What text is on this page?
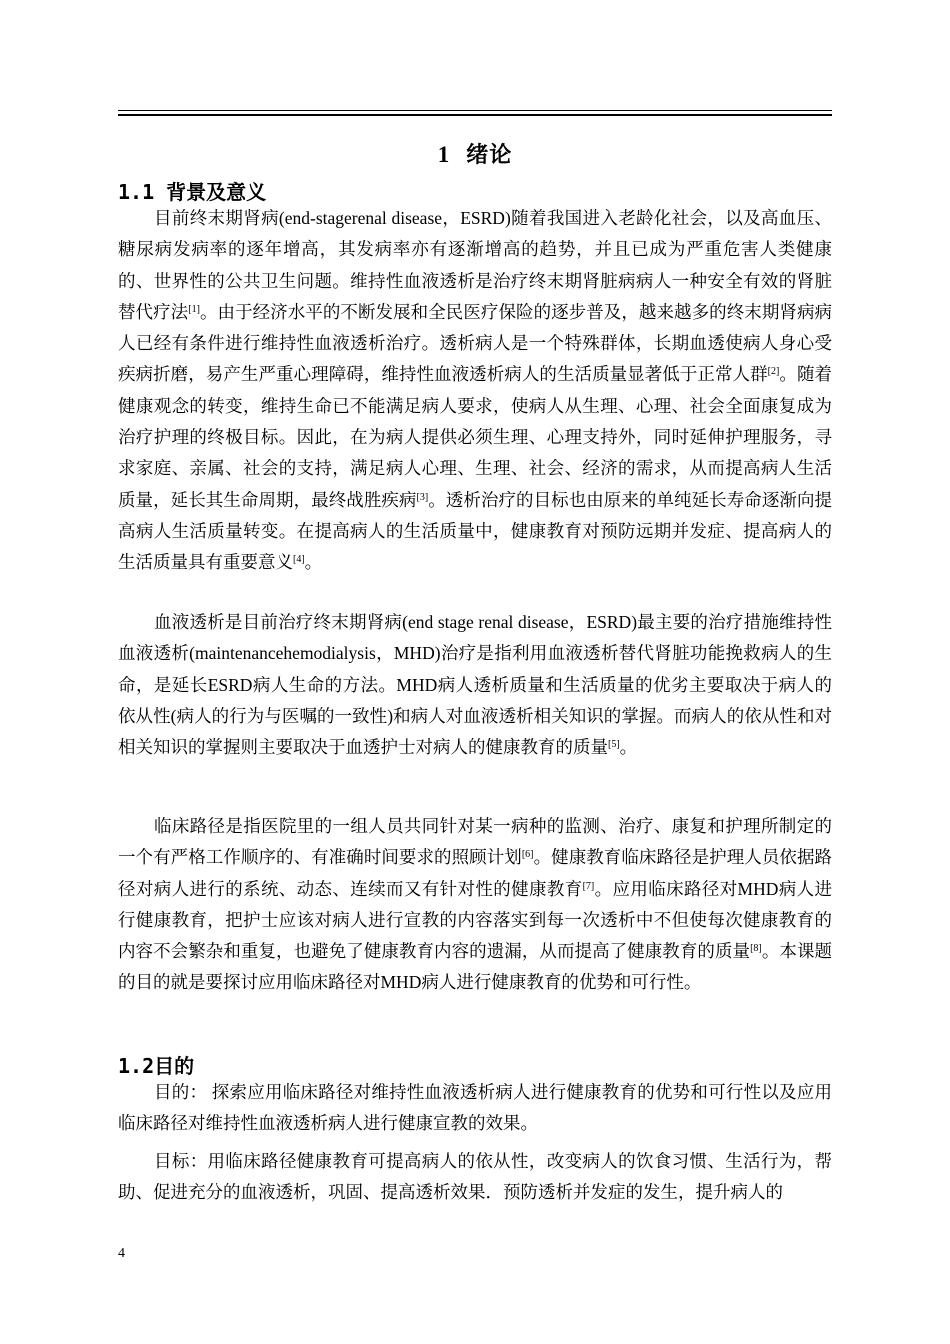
1 绪论
1.1 背景及意义

目前终末期肾病(end-stagerenal disease，ESRD)随着我国进入老龄化社会，以及高血压、糖尿病发病率的逐年增高，其发病率亦有逐渐增高的趋势，并且已成为严重危害人类健康的、世界性的公共卫生问题。维持性血液透析是治疗终末期肾脏病病人一种安全有效的肾脏替代疗法[1]。由于经济水平的不断发展和全民医疗保险的逐步普及，越来越多的终末期肾病病人已经有条件进行维持性血液透析治疗。透析病人是一个特殊群体，长期血透使病人身心受疾病折磨，易产生严重心理障碍，维持性血液透析病人的生活质量显著低于正常人群[2]。随着健康观念的转变，维持生命已不能满足病人要求，使病人从生理、心理、社会全面康复成为治疗护理的终极目标。因此，在为病人提供必须生理、心理支持外，同时延伸护理服务，寻求家庭、亲属、社会的支持，满足病人心理、生理、社会、经济的需求，从而提高病人生活质量，延长其生命周期，最终战胜疾病[3]。透析治疗的目标也由原来的单纯延长寿命逐渐向提高病人生活质量转变。在提高病人的生活质量中，健康教育对预防远期并发症、提高病人的生活质量具有重要意义[4]。

血液透析是目前治疗终末期肾病(end stage renal disease，ESRD)最主要的治疗措施维持性血液透析(maintenancehemodialysis，MHD)治疗是指利用血液透析替代肾脏功能挽救病人的生命，是延长ESRD病人生命的方法。MHD病人透析质量和生活质量的优劣主要取决于病人的依从性(病人的行为与医嘱的一致性)和病人对血液透析相关知识的掌握。而病人的依从性和对相关知识的掌握则主要取决于血透护士对病人的健康教育的质量[5]。

临床路径是指医院里的一组人员共同针对某一病种的监测、治疗、康复和护理所制定的一个有严格工作顺序的、有准确时间要求的照顾计划[6]。健康教育临床路径是护理人员依据路径对病人进行的系统、动态、连续而又有针对性的健康教育[7]。应用临床路径对MHD病人进行健康教育，把护士应该对病人进行宣教的内容落实到每一次透析中不但使每次健康教育的内容不会繁杂和重复，也避免了健康教育内容的遗漏，从而提高了健康教育的质量[8]。本课题的目的就是要探讨应用临床路径对MHD病人进行健康教育的优势和可行性。

1.2目的

目的： 探索应用临床路径对维持性血液透析病人进行健康教育的优势和可行性以及应用临床路径对维持性血液透析病人进行健康宣教的效果。

目标：用临床路径健康教育可提高病人的依从性，改变病人的饮食习惯、生活行为，帮助、促进充分的血液透析，巩固、提高透析效果．预防透析并发症的发生，提升病人的

4
